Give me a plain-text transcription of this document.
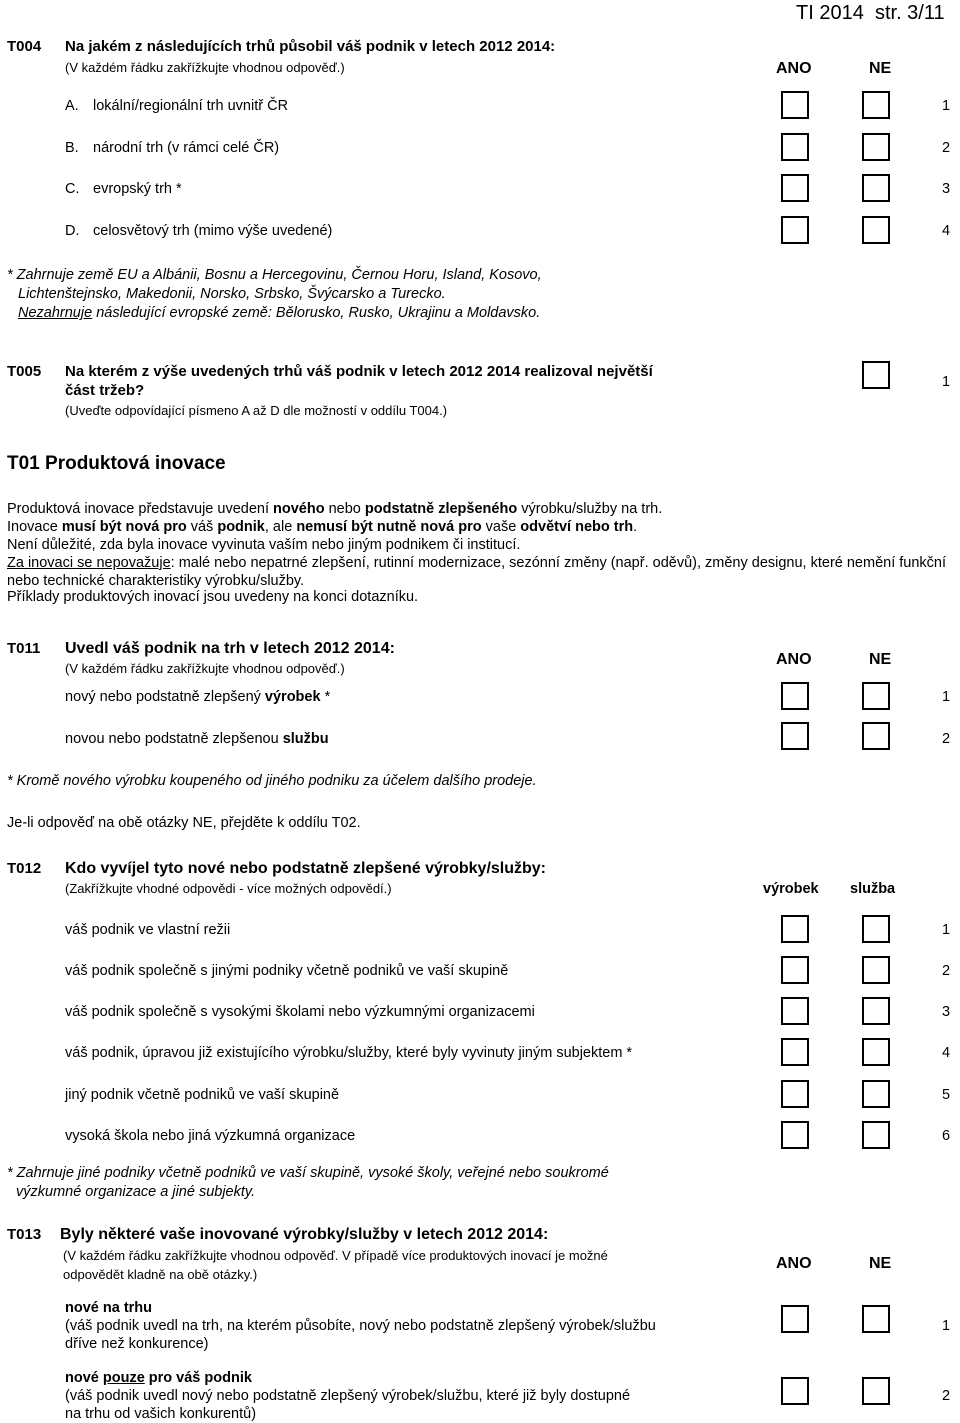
TI 2014 str. 3/11
T004 Na jakém z následujících trhů působil váš podnik v letech 2012 2014:
(V každém řádku zakřížkujte vhodnou odpověď.)	ANO	NE
A. lokální/regionální trh uvnitř ČR	1
B. národní trh (v rámci celé ČR)	2
C. evropský trh *	3
D. celosvětový trh (mimo výše uvedené)	4
* Zahrnuje země EU a Albánii, Bosnu a Hercegovinu, Černou Horu, Island, Kosovo,
Lichtenštejnsko, Makedonii, Norsko, Srbsko, Švýcarsko a Turecko.
Nezahrnuje následující evropské země: Bělorusko, Rusko, Ukrajinu a Moldavsko.
T005 Na kterém z výše uvedených trhů váš podnik v letech 2012 2014 realizoval největší
část tržeb?
(Uveďte odpovídající písmeno A až D dle možností v oddílu T004.)
1
T01 Produktová inovace
Produktová inovace představuje uvedení nového nebo podstatně zlepšeného výrobku/služby na trh.
Inovace musí být nová pro váš podnik, ale nemusí být nutně nová pro vaše odvětví nebo trh.
Není důležité, zda byla inovace vyvinuta vaším nebo jiným podnikem či institucí.
Za inovaci se nepovažuje: malé nebo nepatrné zlepšení, rutinní modernizace, sezónní změny (např. oděvů), změny designu, které nemění funkční nebo technické charakteristiky výrobku/služby.
Příklady produktových inovací jsou uvedeny na konci dotazníku.
T011 Uvedl váš podnik na trh v letech 2012 2014:
(V každém řádku zakřížkujte vhodnou odpověď.)
ANO	NE
nový nebo podstatně zlepšený výrobek *	1
novou nebo podstatně zlepšenou službu	2
* Kromě nového výrobku koupeného od jiného podniku za účelem dalšího prodeje.
Je-li odpověď na obě otázky NE, přejděte k oddílu T02.
T012 Kdo vyvíjel tyto nové nebo podstatně zlepšené výrobky/služby:
(Zakřížkujte vhodné odpovědi - více možných odpovědí.)	výrobek služba
váš podnik ve vlastní režii	1
váš podnik společně s jinými podniky včetně podniků ve vaší skupině	2
váš podnik společně s vysokými školami nebo výzkumnými organizacemi	3
váš podnik, úpravou již existujícího výrobku/služby, které byly vyvinuty jiným subjektem *	4
jiný podnik včetně podniků ve vaší skupině	5
vysoká škola nebo jiná výzkumná organizace	6
* Zahrnuje jiné podniky včetně podniků ve vaší skupině, vysoké školy, veřejné nebo soukromé
výzkumné organizace a jiné subjekty.
T013 Byly některé vaše inovované výrobky/služby v letech 2012 2014:
(V každém řádku zakřížkujte vhodnou odpověď. V případě více produktových inovací je možné
odpovědět kladně na obě otázky.)
ANO	NE
nové na trhu
(váš podnik uvedl na trh, na kterém působíte, nový nebo podstatně zlepšený výrobek/službu
dříve než konkurence)
1
nové pouze pro váš podnik
(váš podnik uvedl nový nebo podstatně zlepšený výrobek/službu, které již byly dostupné
na trhu od vašich konkurentů)
2
